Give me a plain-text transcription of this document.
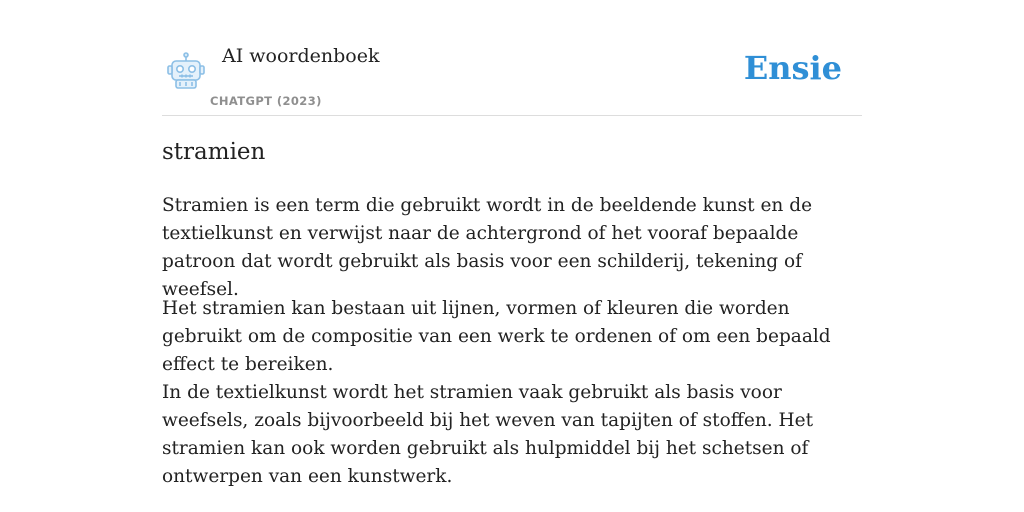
AI woordenboek
CHATGPT (2023)
Ensie
stramien

Stramien is een term die gebruikt wordt in de beeldende kunst en de textielkunst en verwijst naar de achtergrond of het vooraf bepaalde patroon dat wordt gebruikt als basis voor een schilderij, tekening of weefsel.

Het stramien kan bestaan uit lijnen, vormen of kleuren die worden gebruikt om de compositie van een werk te ordenen of om een bepaald effect te bereiken.

In de textielkunst wordt het stramien vaak gebruikt als basis voor weefsels, zoals bijvoorbeeld bij het weven van tapijten of stoffen. Het stramien kan ook worden gebruikt als hulpmiddel bij het schetsen of ontwerpen van een kunstwerk.
